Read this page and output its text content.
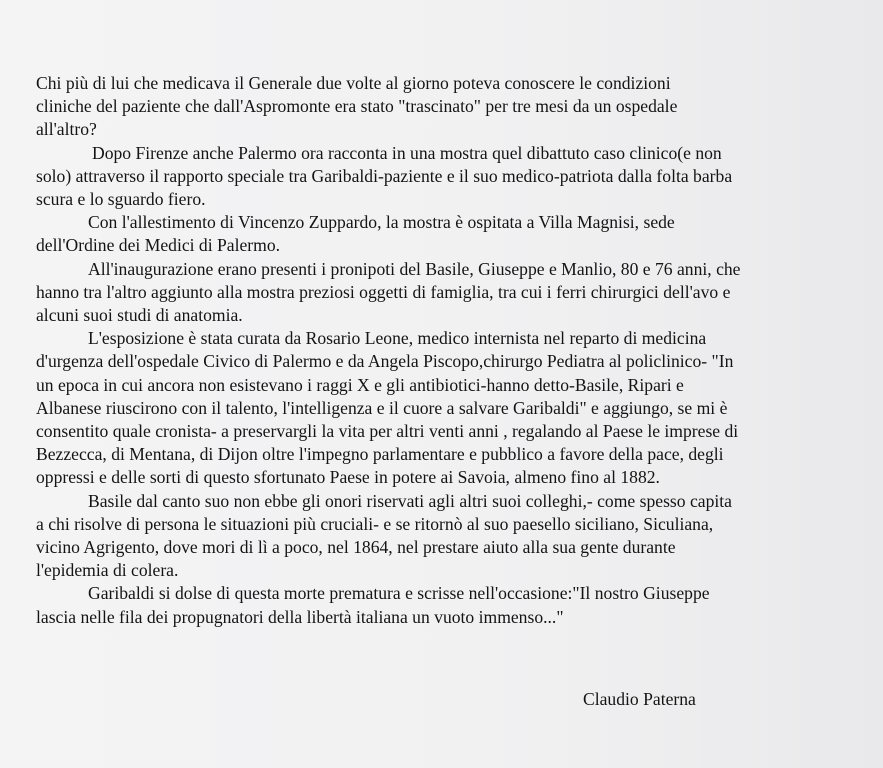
Chi più di lui che medicava il Generale due volte al giorno poteva conoscere le condizioni
cliniche del paziente che dall'Aspromonte era stato "trascinato" per tre mesi da un ospedale
all'altro?

Dopo Firenze anche Palermo ora racconta in una mostra quel dibattuto caso clinico(e non
solo) attraverso il rapporto speciale tra Garibaldi-paziente e il suo medico-patriota dalla folta barba
scura e lo sguardo fiero.

Con l'allestimento di Vincenzo Zuppardo, la mostra è ospitata a Villa Magnisi, sede
dell'Ordine dei Medici di Palermo.

All'inaugurazione erano presenti i pronipoti del Basile, Giuseppe e Manlio, 80 e 76 anni, che
hanno tra l'altro aggiunto alla mostra preziosi oggetti di famiglia, tra cui i ferri chirurgici dell'avo e
alcuni suoi studi di anatomia.

L'esposizione è stata curata da Rosario Leone, medico internista nel reparto di medicina
d'urgenza dell'ospedale Civico di Palermo e da Angela Piscopo,chirurgo Pediatra al policlinico- "In
un epoca in cui ancora non esistevano i raggi X e gli antibiotici-hanno detto-Basile, Ripari e
Albanese riuscirono con il talento, l'intelligenza e il cuore a salvare Garibaldi" e aggiungo, se mi è
consentito quale cronista- a preservargli la vita per altri venti anni , regalando al Paese le imprese di
Bezzecca, di Mentana, di Dijon oltre l'impegno parlamentare e pubblico a favore della pace, degli
oppressi e delle sorti di questo sfortunato Paese in potere ai Savoia, almeno fino al 1882.

Basile dal canto suo non ebbe gli onori riservati agli altri suoi colleghi,- come spesso capita
a chi risolve di persona le situazioni più cruciali- e se ritornò al suo paesello siciliano, Siculiana,
vicino Agrigento, dove mori di lì a poco, nel 1864, nel prestare aiuto alla sua gente durante
l'epidemia di colera.

Garibaldi si dolse di questa morte prematura e scrisse nell'occasione:"Il nostro Giuseppe
lascia nelle fila dei propugnatori della libertà italiana un vuoto immenso..."

Claudio Paterna
